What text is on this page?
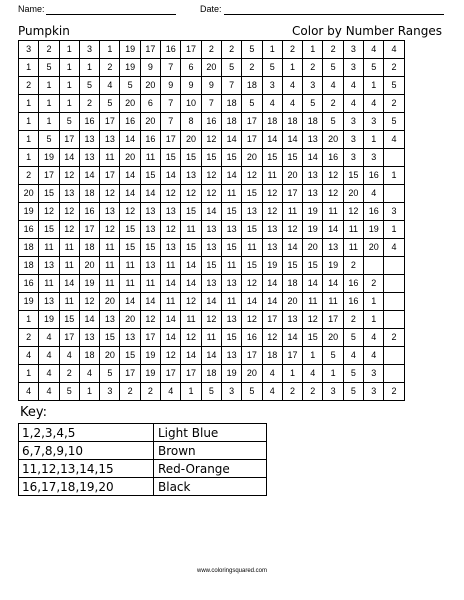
Name:	Date:
Pumpkin	Color by Number Ranges
3	2	1	3	1	19	17	16	17	2	2	5	1	2	1	2	3	4	4
1	5	1	1	2	19	9	7	6	20	5	2	5	1	2	5	3	5	2
2	1	1	5	4	5	20	9	9	9	7	18	3	4	3	4	4	1	5
1	1	1	2	5	20	6	7	10	7	18	5	4	4	5	2	4	4	2
1	1	5	16	17	16	20	7	8	16	18	17	18	18	18	5	3	3	5
1	5	17	13	13	14	16	17	20	12	14	17	14	14	13	20	3	1	4
1	19	14	13	11	20	11	15	15	15	15	20	15	15	14	16	3	3	
2	17	12	14	17	14	15	14	13	12	14	12	11	20	13	12	15	16	1
20	15	13	18	12	14	14	12	12	12	11	15	12	17	13	12	20	4	
19	12	12	16	13	12	13	13	15	14	15	13	12	11	19	11	12	16	3
16	15	12	17	12	15	13	12	11	13	13	15	13	12	19	14	11	19	1
18	11	11	18	11	15	15	13	15	13	15	11	13	14	20	13	11	20	4
18	13	11	20	11	11	13	11	14	15	11	15	19	15	15	19	2		
16	11	14	19	11	11	11	14	14	13	13	12	14	18	14	14	16	2	
19	13	11	12	20	14	14	11	12	14	11	14	14	20	11	11	16	1	
1	19	15	14	13	20	12	14	11	12	13	12	17	13	12	17	2	1	
2	4	17	13	15	13	17	14	12	11	15	16	12	14	15	20	5	4	2
4	4	4	18	20	15	19	12	14	14	13	17	18	17	1	5	4	4	
1	4	2	4	5	17	19	17	17	18	19	20	4	1	4	1	5	3	
4	4	5	1	3	2	2	4	1	5	3	5	4	2	2	3	5	3	2
Key:
1,2,3,4,5	Light Blue
6,7,8,9,10	Brown
11,12,13,14,15	Red-Orange
16,17,18,19,20	Black
www.coloringsquared.com
